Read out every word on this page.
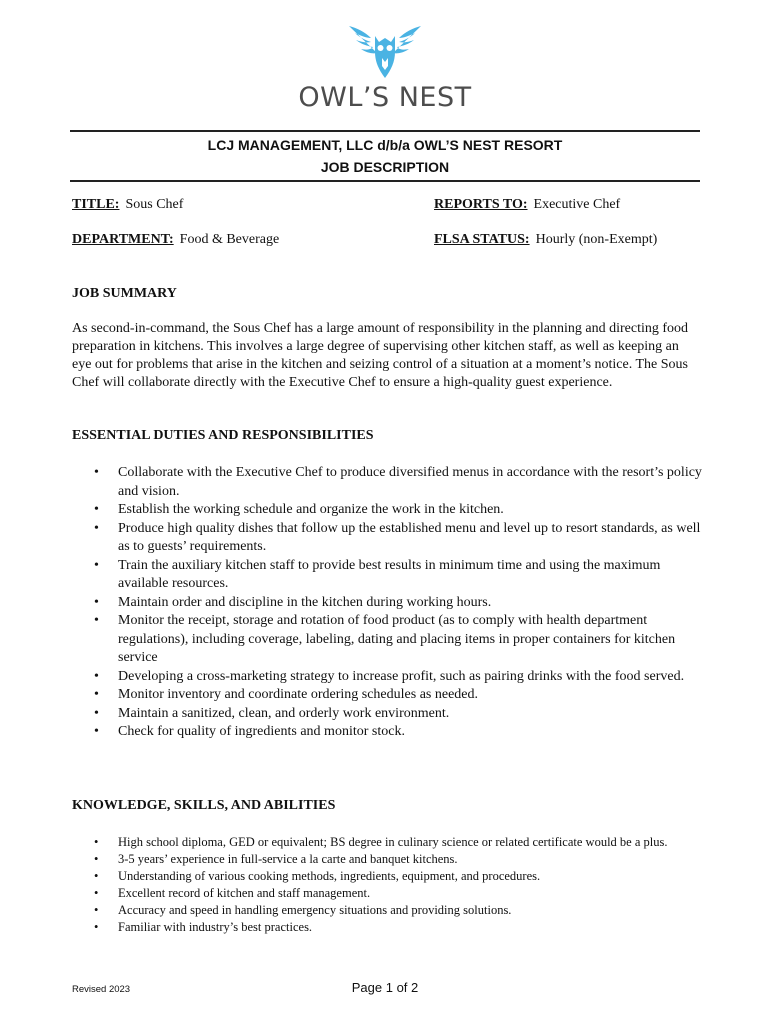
OWL’S NEST
LCJ MANAGEMENT, LLC d/b/a OWL’S NEST RESORT
JOB DESCRIPTION
TITLE: Sous Chef	REPORTS TO: Executive Chef
DEPARTMENT: Food & Beverage	FLSA STATUS: Hourly (non-Exempt)
JOB SUMMARY
As second-in-command, the Sous Chef has a large amount of responsibility in the planning and directing food preparation in kitchens. This involves a large degree of supervising other kitchen staff, as well as keeping an eye out for problems that arise in the kitchen and seizing control of a situation at a moment’s notice. The Sous Chef will collaborate directly with the Executive Chef to ensure a high-quality guest experience.
ESSENTIAL DUTIES AND RESPONSIBILITIES
• Collaborate with the Executive Chef to produce diversified menus in accordance with the resort’s policy and vision.
• Establish the working schedule and organize the work in the kitchen.
• Produce high quality dishes that follow up the established menu and level up to resort standards, as well as to guests’ requirements.
• Train the auxiliary kitchen staff to provide best results in minimum time and using the maximum available resources.
• Maintain order and discipline in the kitchen during working hours.
• Monitor the receipt, storage and rotation of food product (as to comply with health department regulations), including coverage, labeling, dating and placing items in proper containers for kitchen service
• Developing a cross-marketing strategy to increase profit, such as pairing drinks with the food served.
• Monitor inventory and coordinate ordering schedules as needed.
• Maintain a sanitized, clean, and orderly work environment.
• Check for quality of ingredients and monitor stock.
KNOWLEDGE, SKILLS, AND ABILITIES
• High school diploma, GED or equivalent; BS degree in culinary science or related certificate would be a plus.
• 3-5 years’ experience in full-service a la carte and banquet kitchens.
• Understanding of various cooking methods, ingredients, equipment, and procedures.
• Excellent record of kitchen and staff management.
• Accuracy and speed in handling emergency situations and providing solutions.
• Familiar with industry’s best practices.
Revised 2023	Page 1 of 2
